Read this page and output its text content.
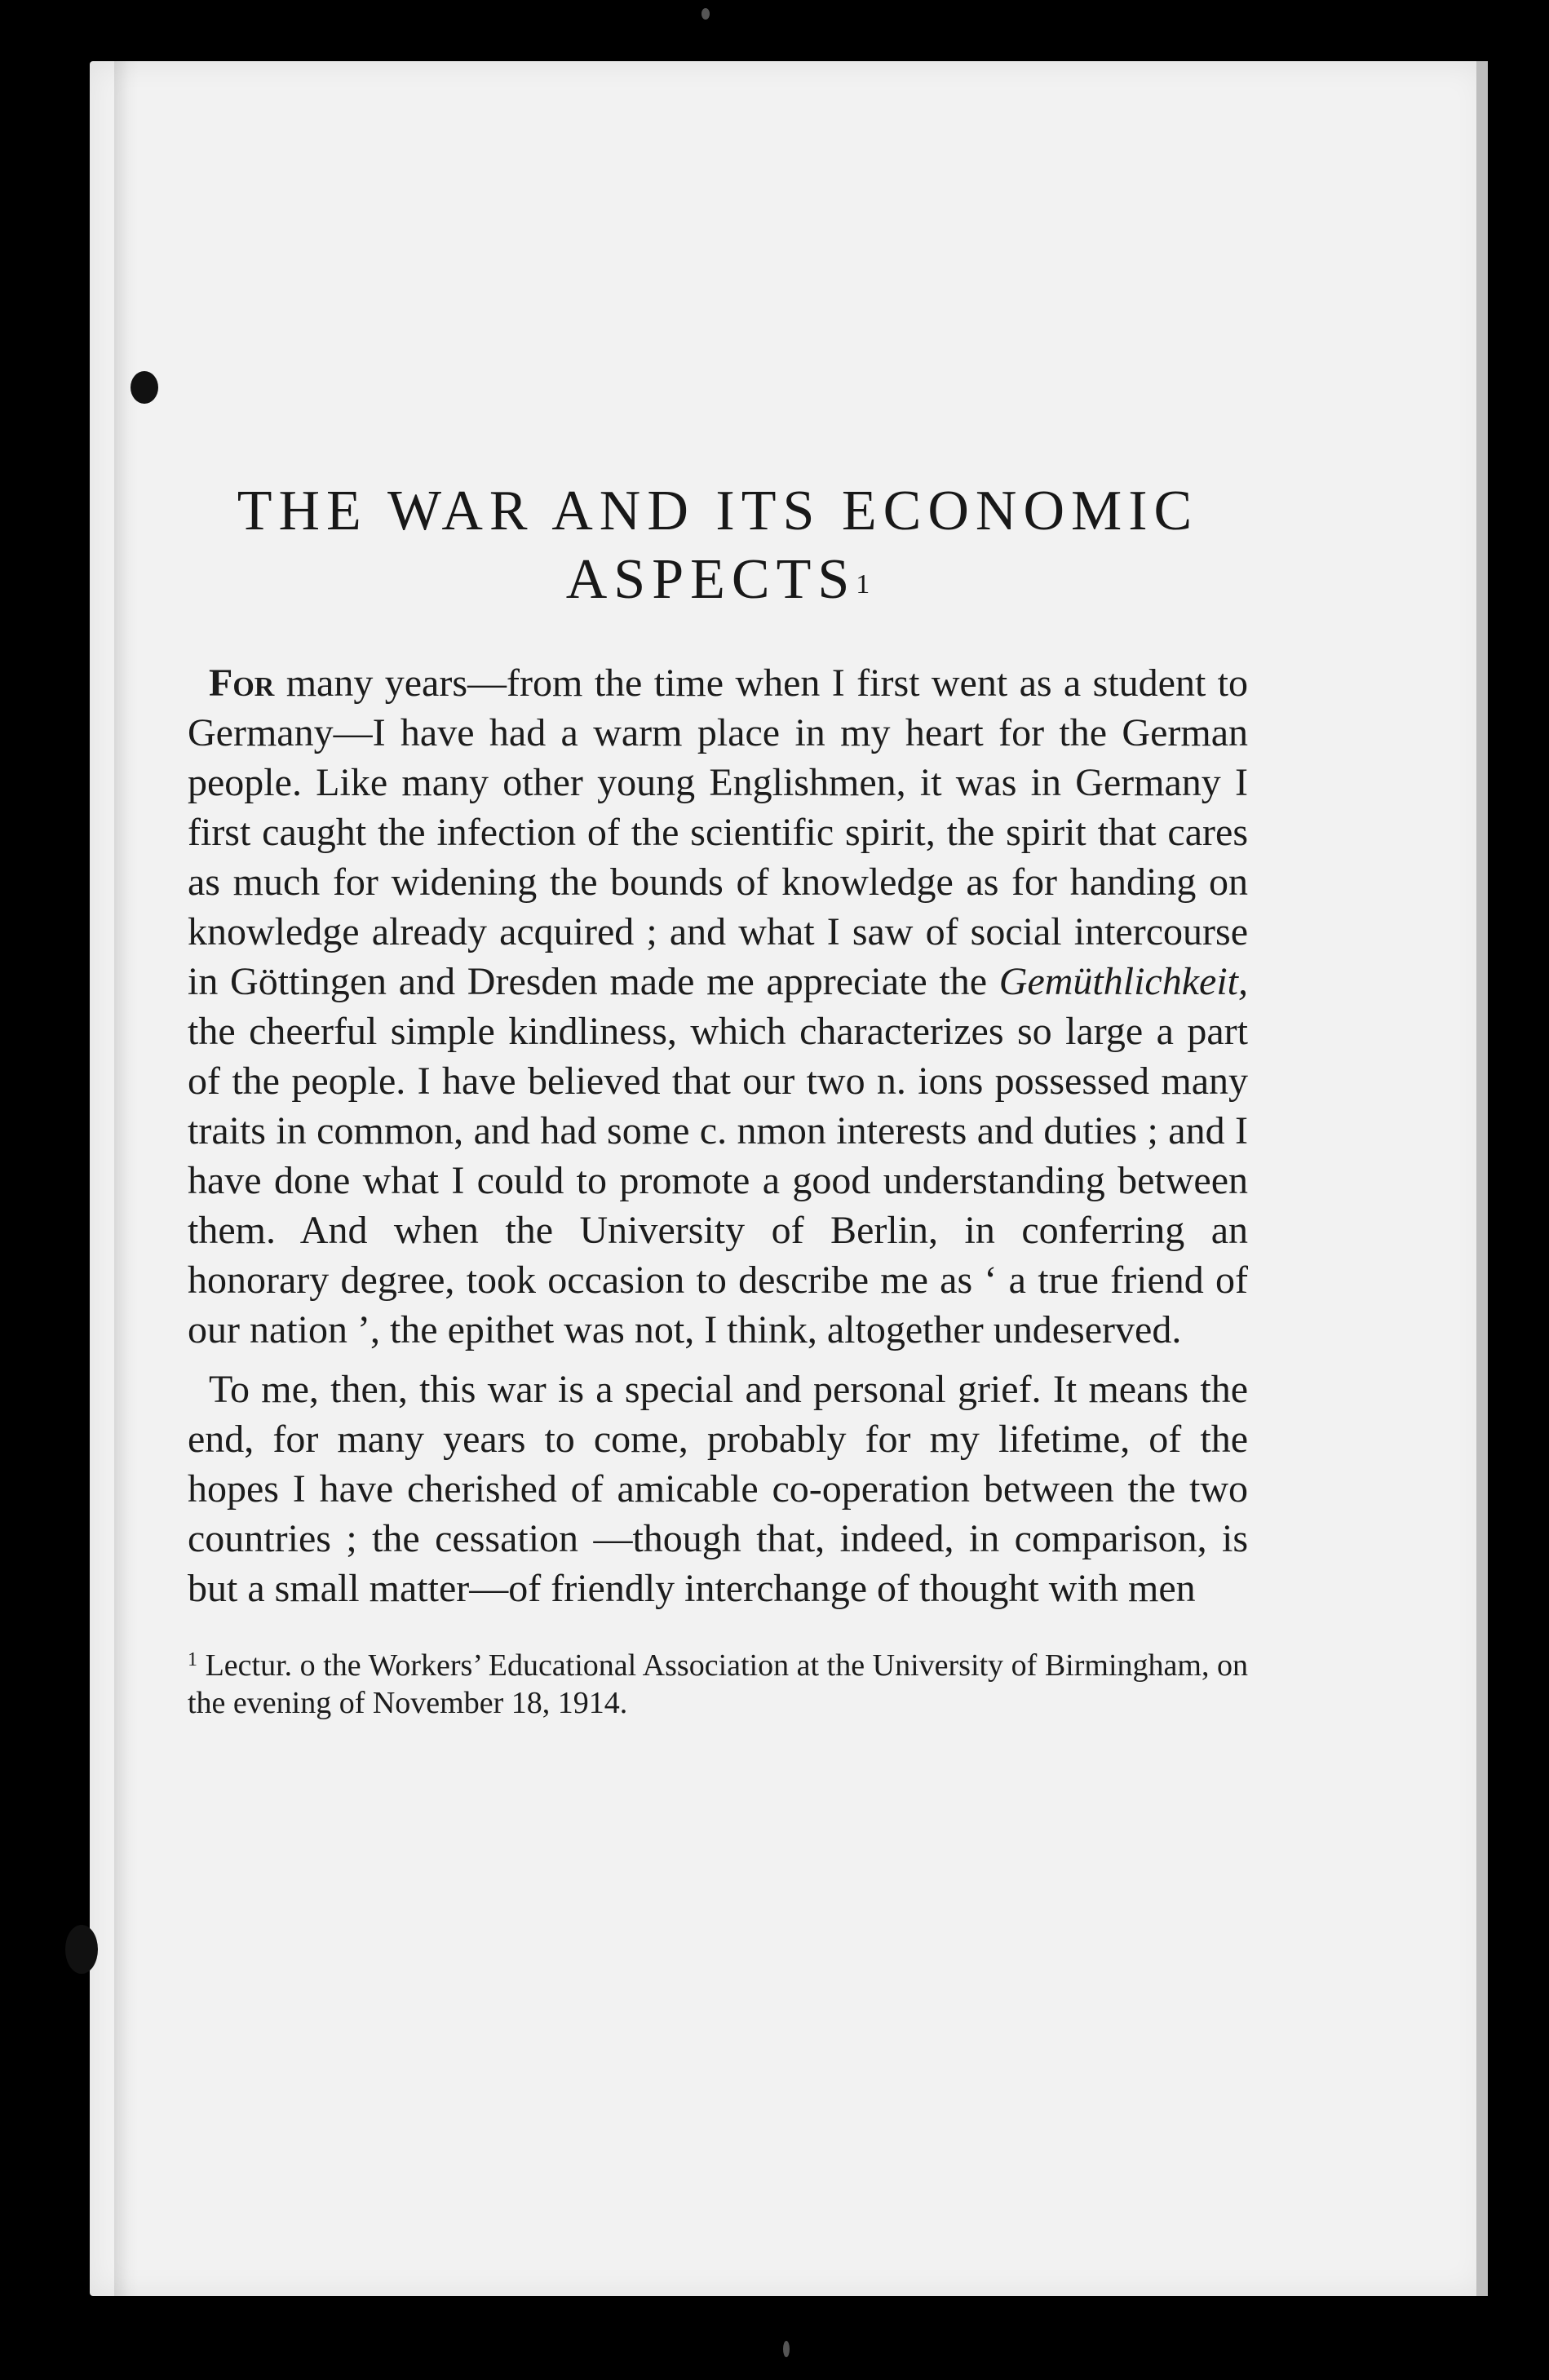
THE WAR AND ITS ECONOMIC
ASPECTS$^1$

For many years—from the time when I first went as a student to Germany—I have had a warm place in my heart for the German people. Like many other young Englishmen, it was in Germany I first caught the infection of the scientific spirit, the spirit that cares as much for widening the bounds of knowledge as for handing on knowledge already acquired ; and what I saw of social intercourse in Göttingen and Dresden made me appreciate the Gemüthlichkeit, the cheerful simple kindliness, which characterizes so large a part of the people. I have believed that our two n. ions possessed many traits in common, and had some c. nmon interests and duties ; and I have done what I could to promote a good understanding between them. And when the University of Berlin, in conferring an honorary degree, took occasion to describe me as ‘ a true friend of our nation ’, the epithet was not, I think, altogether undeserved.

To me, then, this war is a special and personal grief. It means the end, for many years to come, probably for my lifetime, of the hopes I have cherished of amicable co-operation between the two countries ; the cessation —though that, indeed, in comparison, is but a small matter—of friendly interchange of thought with men

$^1$ Lectur. o the Workers’ Educational Association at the University of Birmingham, on the evening of November 18, 1914.
